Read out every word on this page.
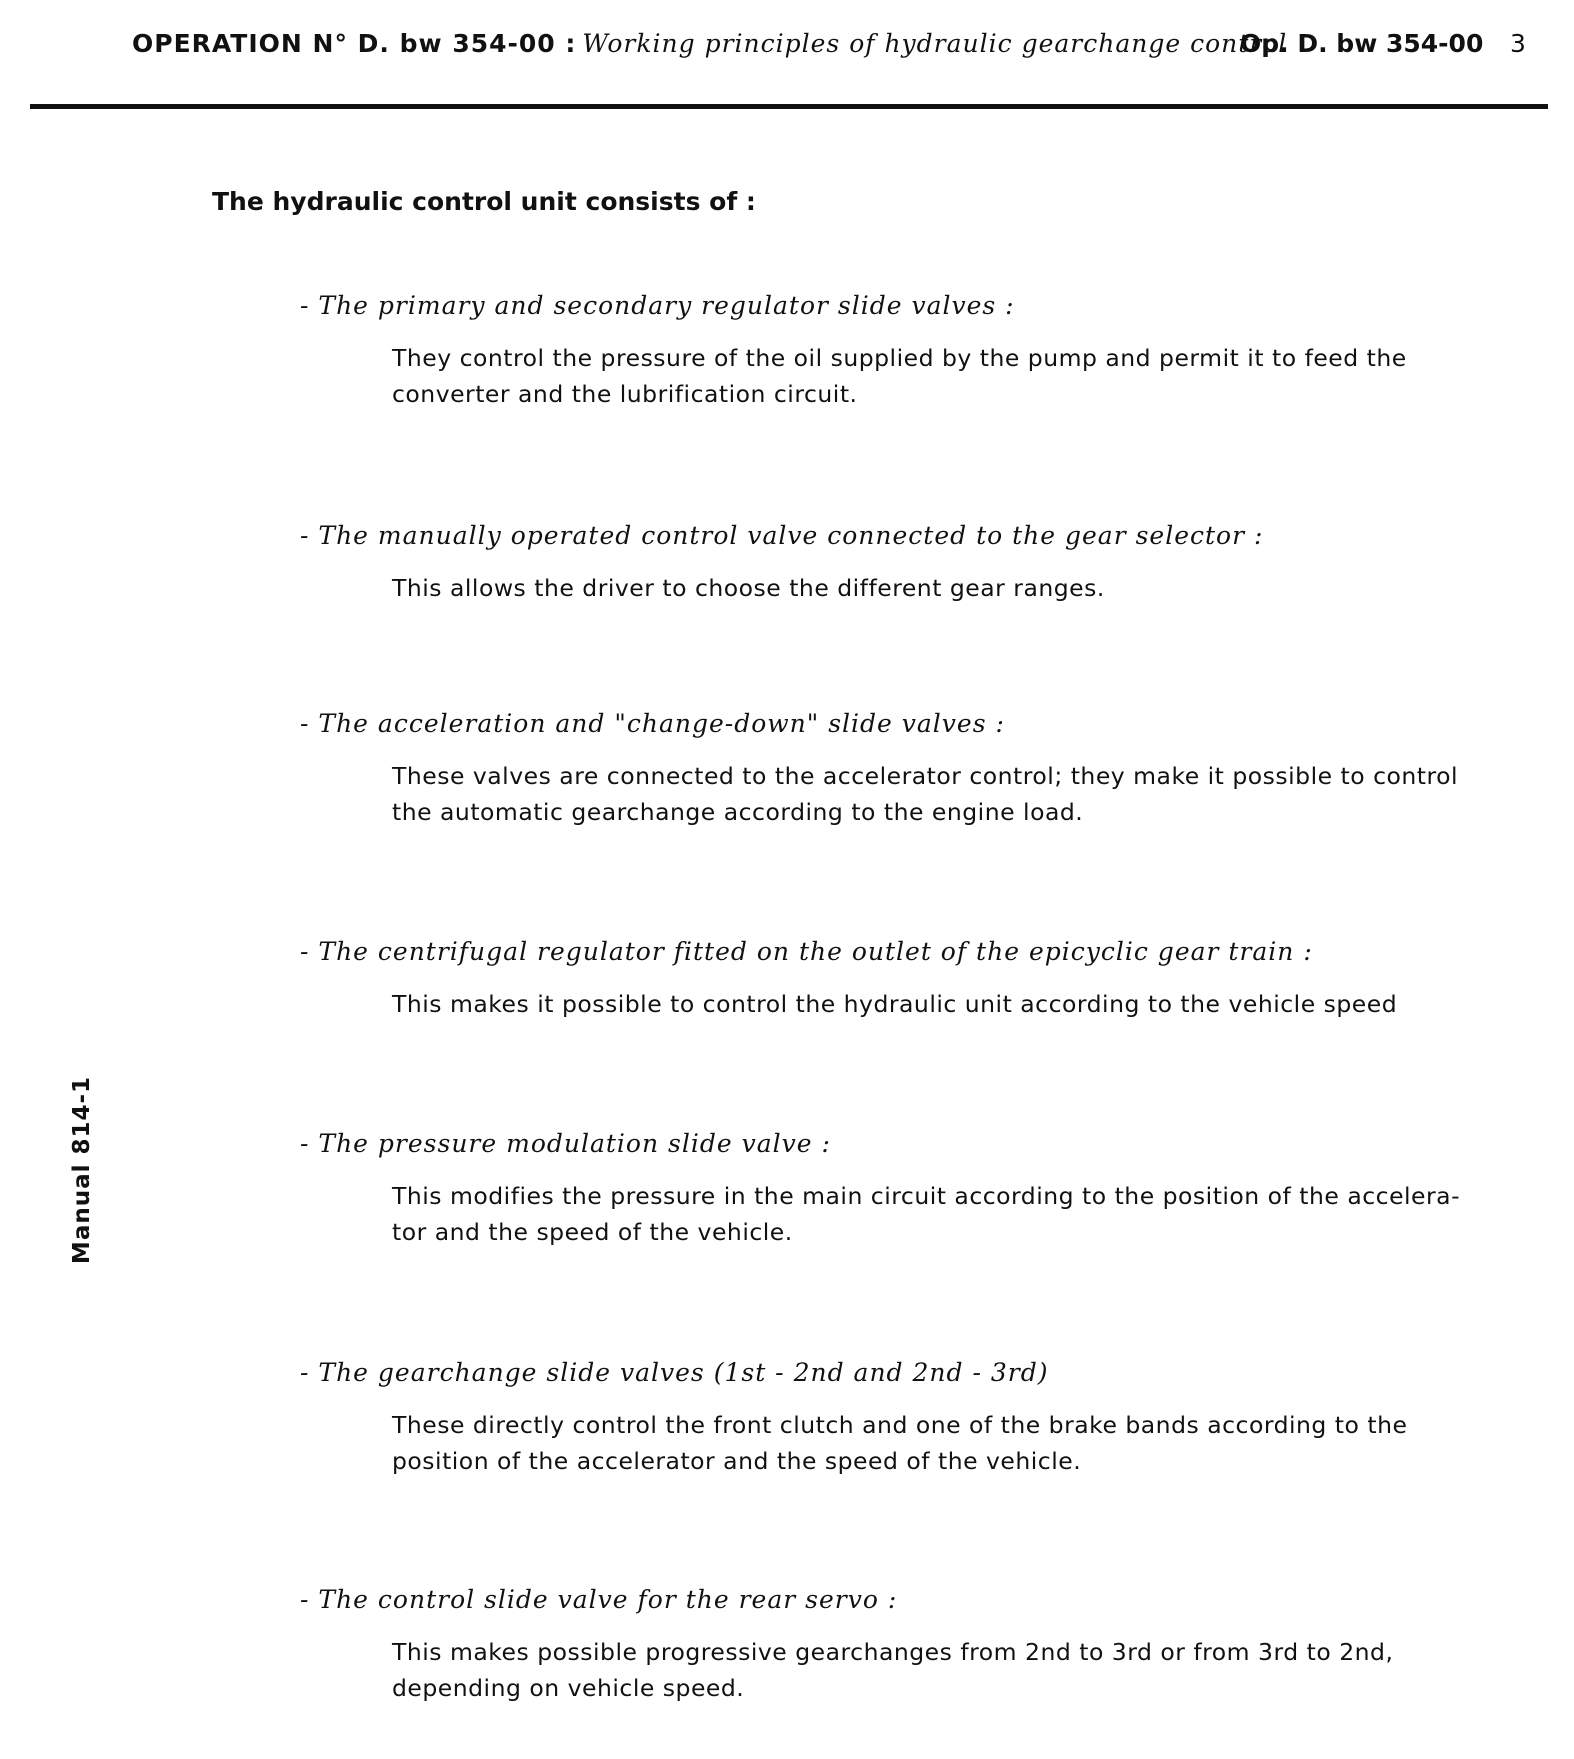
OPERATION N° D. bw 354-00 : Working principles of hydraulic gearchange control
Op. D. bw 354-00 3

The hydraulic control unit consists of :

- The primary and secondary regulator slide valves :

They control the pressure of the oil supplied by the pump and permit it to feed the converter and the lubrification circuit.

- The manually operated control valve connected to the gear selector :

This allows the driver to choose the different gear ranges.

- The acceleration and "change-down" slide valves :

These valves are connected to the accelerator control; they make it possible to control the automatic gearchange according to the engine load.

- The centrifugal regulator fitted on the outlet of the epicyclic gear train :

This makes it possible to control the hydraulic unit according to the vehicle speed

- The pressure modulation slide valve :

This modifies the pressure in the main circuit according to the position of the accelera-tor and the speed of the vehicle.

- The gearchange slide valves (1st - 2nd and 2nd - 3rd)

These directly control the front clutch and one of the brake bands according to the position of the accelerator and the speed of the vehicle.

- The control slide valve for the rear servo :

This makes possible progressive gearchanges from 2nd to 3rd or from 3rd to 2nd, depending on vehicle speed.

Manual 814-1
